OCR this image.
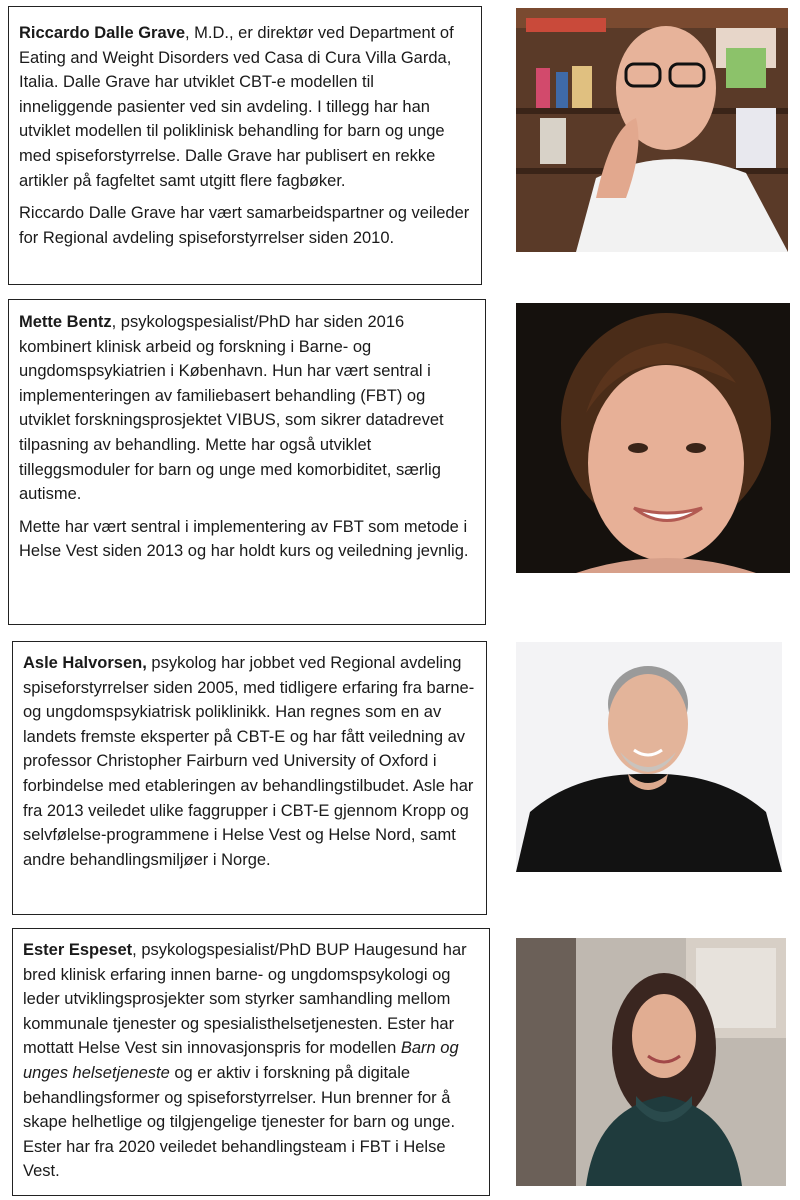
Riccardo Dalle Grave, M.D., er direktør ved Department of Eating and Weight Disorders ved Casa di Cura Villa Garda, Italia. Dalle Grave har utviklet CBT-e modellen til inneliggende pasienter ved sin avdeling. I tillegg har han utviklet modellen til poliklinisk behandling for barn og unge med spiseforstyrrelse. Dalle Grave har publisert en rekke artikler på fagfeltet samt utgitt flere fagbøker.

Riccardo Dalle Grave har vært samarbeidspartner og veileder for Regional avdeling spiseforstyrrelser siden 2010.

Mette Bentz, psykologspesialist/PhD har siden 2016 kombinert klinisk arbeid og forskning i Barne- og ungdomspsykiatrien i København. Hun har vært sentral i implementeringen av familiebasert behandling (FBT) og utviklet forskningsprosjektet VIBUS, som sikrer datadrevet tilpasning av behandling. Mette har også utviklet tilleggsmoduler for barn og unge med komorbiditet, særlig autisme.

Mette har vært sentral i implementering av FBT som metode i Helse Vest siden 2013 og har holdt kurs og veiledning jevnlig.

Asle Halvorsen, psykolog har jobbet ved Regional avdeling spiseforstyrrelser siden 2005, med tidligere erfaring fra barne- og ungdomspsykiatrisk poliklinikk. Han regnes som en av landets fremste eksperter på CBT-E og har fått veiledning av professor Christopher Fairburn ved University of Oxford i forbindelse med etableringen av behandlingstilbudet. Asle har fra 2013 veiledet ulike faggrupper i CBT-E gjennom Kropp og selvfølelse-programmene i Helse Vest og Helse Nord, samt andre behandlingsmiljøer i Norge.

Ester Espeset, psykologspesialist/PhD BUP Haugesund har bred klinisk erfaring innen barne- og ungdomspsykologi og leder utviklingsprosjekter som styrker samhandling mellom kommunale tjenester og spesialisthelsetjenesten. Ester har mottatt Helse Vest sin innovasjonspris for modellen Barn og unges helsetjeneste og er aktiv i forskning på digitale behandlingsformer og spiseforstyrrelser. Hun brenner for å skape helhetlige og tilgjengelige tjenester for barn og unge. Ester har fra 2020 veiledet behandlingsteam i FBT i Helse Vest.
